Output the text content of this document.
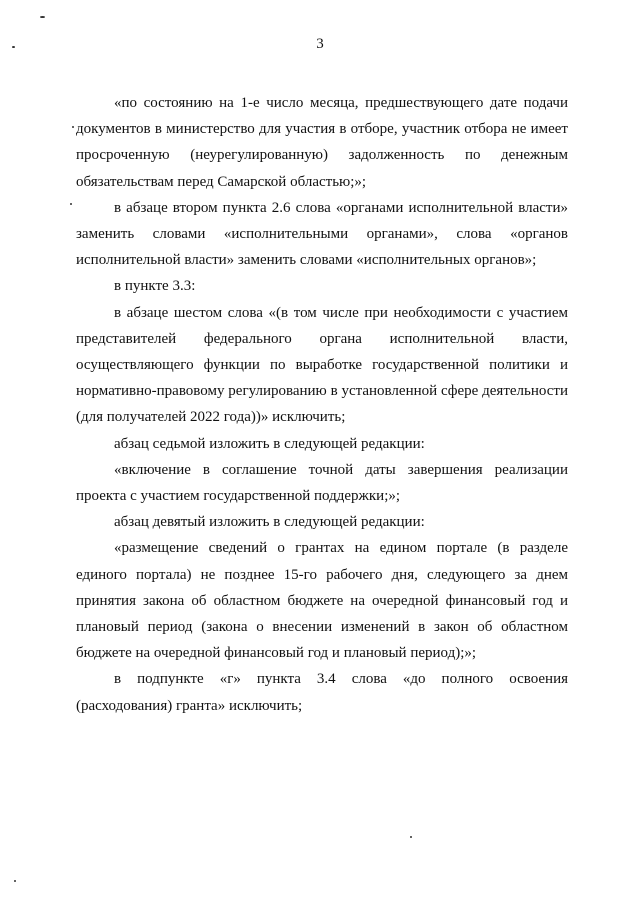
3

«по состоянию на 1-е число месяца, предшествующего дате подачи документов в министерство для участия в отборе, участник отбора не имеет просроченную (неурегулированную) задолженность по денежным обязательствам перед Самарской областью;»;

в абзаце втором пункта 2.6 слова «органами исполнительной власти» заменить словами «исполнительными органами», слова «органов исполнительной власти» заменить словами «исполнительных органов»;

в пункте 3.3:

в абзаце шестом слова «(в том числе при необходимости с участием представителей федерального органа исполнительной власти, осуществляющего функции по выработке государственной политики и нормативно-правовому регулированию в установленной сфере деятельности (для получателей 2022 года))» исключить;

абзац седьмой изложить в следующей редакции:

«включение в соглашение точной даты завершения реализации проекта с участием государственной поддержки;»;

абзац девятый изложить в следующей редакции:

«размещение сведений о грантах на едином портале (в разделе единого портала) не позднее 15-го рабочего дня, следующего за днем принятия закона об областном бюджете на очередной финансовый год и плановый период (закона о внесении изменений в закон об областном бюджете на очередной финансовый год и плановый период);»;

в подпункте «г» пункта 3.4 слова «до полного освоения (расходования) гранта» исключить;
